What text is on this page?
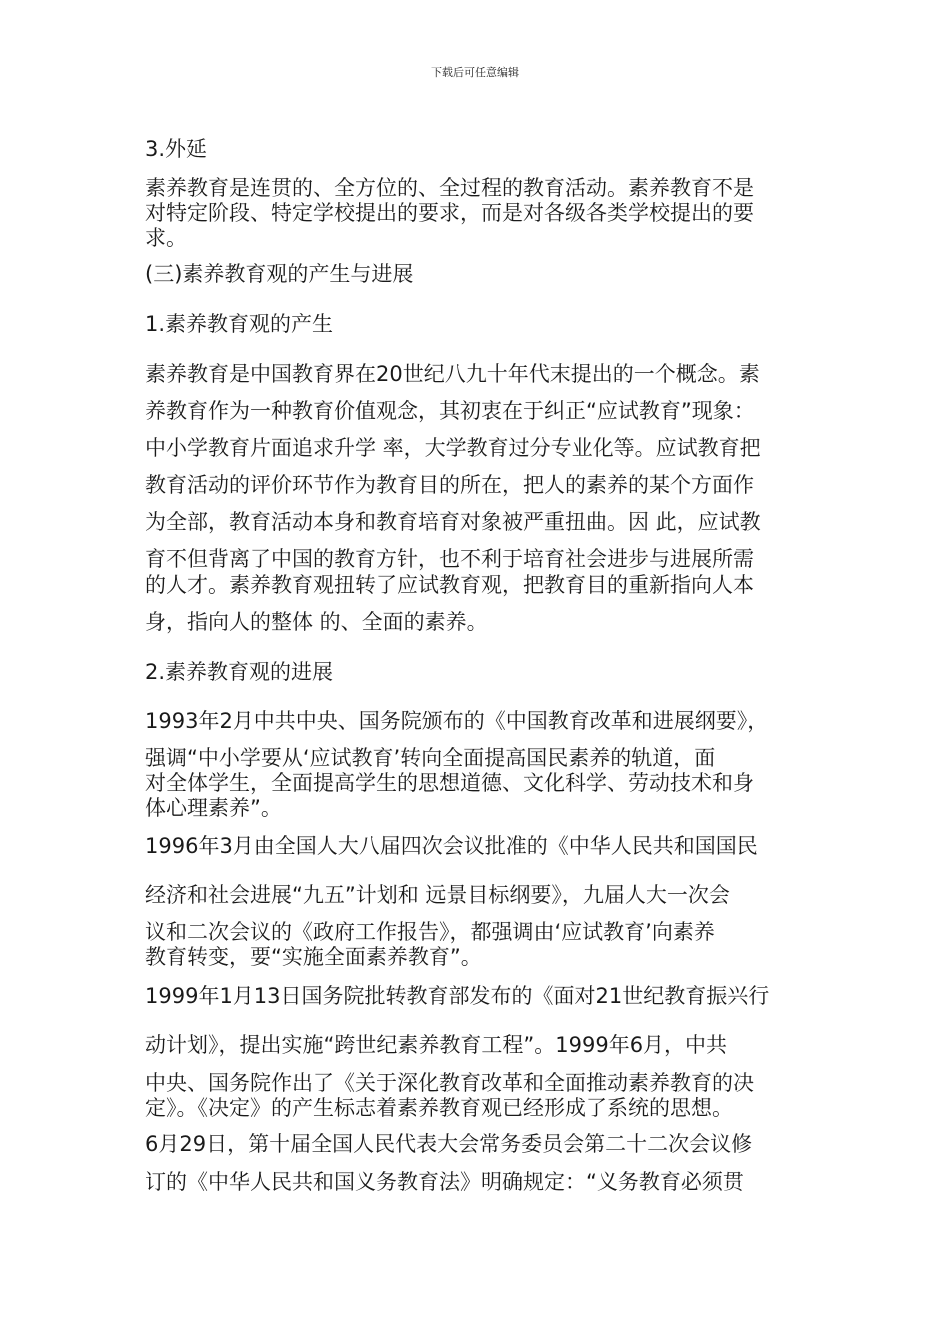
下载后可任意编辑
3.外延
素养教育是连贯的、全方位的、全过程的教育活动。素养教育不是
对特定阶段、特定学校提出的要求，而是对各级各类学校提出的要
求。
(三)素养教育观的产生与进展
1.素养教育观的产生
素养教育是中国教育界在20世纪八九十年代末提出的一个概念。素
养教育作为一种教育价值观念，其初衷在于纠正“应试教育”现象：
中小学教育片面追求升学 率，大学教育过分专业化等。应试教育把
教育活动的评价环节作为教育目的所在，把人的素养的某个方面作
为全部，教育活动本身和教育培育对象被严重扭曲。因 此，应试教
育不但背离了中国的教育方针，也不利于培育社会进步与进展所需
的人才。素养教育观扭转了应试教育观，把教育目的重新指向人本
身，指向人的整体 的、全面的素养。
2.素养教育观的进展
1993年2月中共中央、国务院颁布的《中国教育改革和进展纲要》，
强调“中小学要从‘应试教育’转向全面提高国民素养的轨道，面
对全体学生，全面提高学生的思想道德、文化科学、劳动技术和身
体心理素养”。
1996年3月由全国人大八届四次会议批准的《中华人民共和国国民
经济和社会进展“九五”计划和 远景目标纲要》，九届人大一次会
议和二次会议的《政府工作报告》，都强调由‘应试教育’向素养
教育转变，要“实施全面素养教育”。
1999年1月13日国务院批转教育部发布的《面对21世纪教育振兴行
动计划》，提出实施“跨世纪素养教育工程”。1999年6月，中共
中央、国务院作出了《关于深化教育改革和全面推动素养教育的决
定》。《决定》的产生标志着素养教育观已经形成了系统的思想。
6月29日，第十届全国人民代表大会常务委员会第二十二次会议修
订的《中华人民共和国义务教育法》明确规定：“义务教育必须贯
